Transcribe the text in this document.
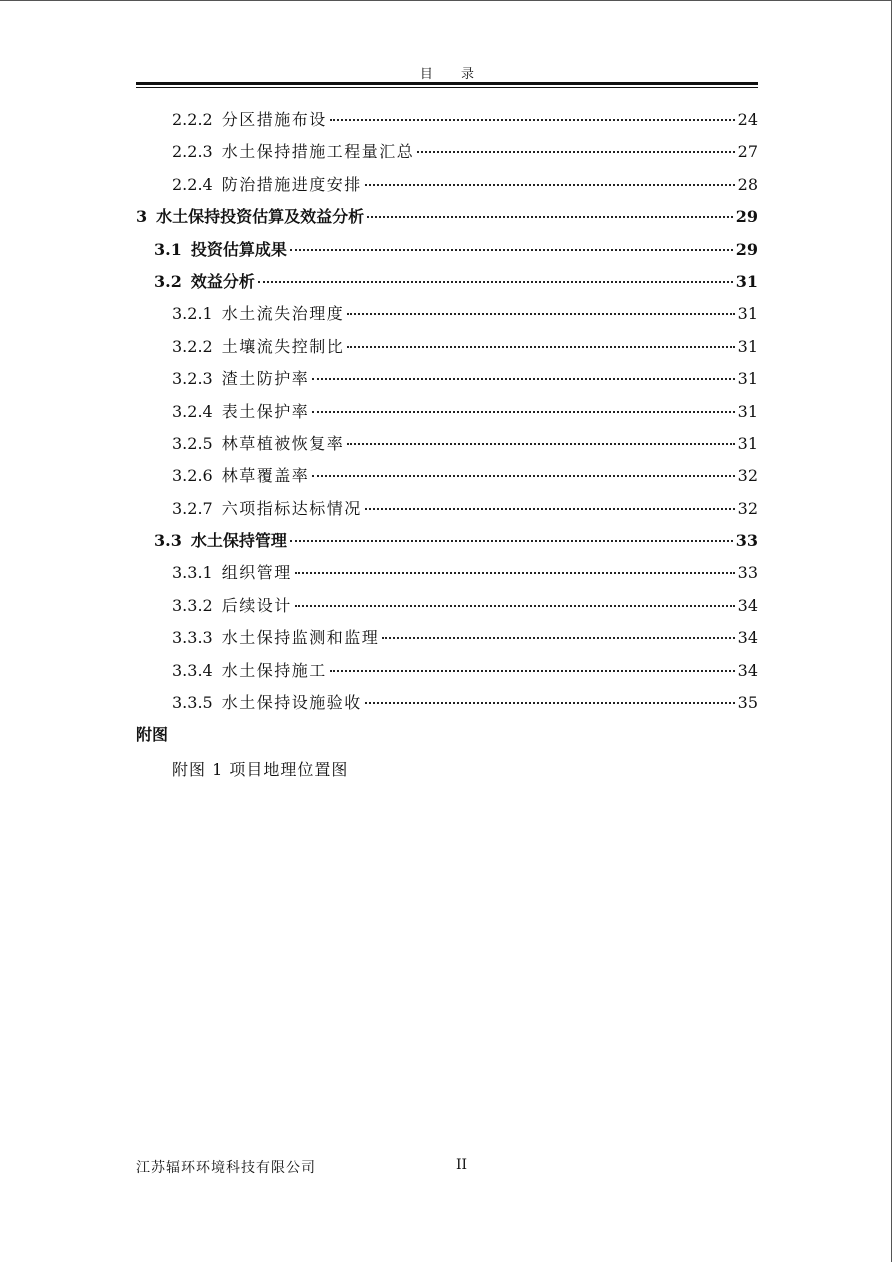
目 录
2.2.2 分区措施布设	24
2.2.3 水土保持措施工程量汇总	27
2.2.4 防治措施进度安排	28
3 水土保持投资估算及效益分析	29
3.1 投资估算成果	29
3.2 效益分析	31
3.2.1 水土流失治理度	31
3.2.2 土壤流失控制比	31
3.2.3 渣土防护率	31
3.2.4 表土保护率	31
3.2.5 林草植被恢复率	31
3.2.6 林草覆盖率	32
3.2.7 六项指标达标情况	32
3.3 水土保持管理	33
3.3.1 组织管理	33
3.3.2 后续设计	34
3.3.3 水土保持监测和监理	34
3.3.4 水土保持施工	34
3.3.5 水土保持设施验收	35
附图
附图 1 项目地理位置图
江苏辐环环境科技有限公司	II
